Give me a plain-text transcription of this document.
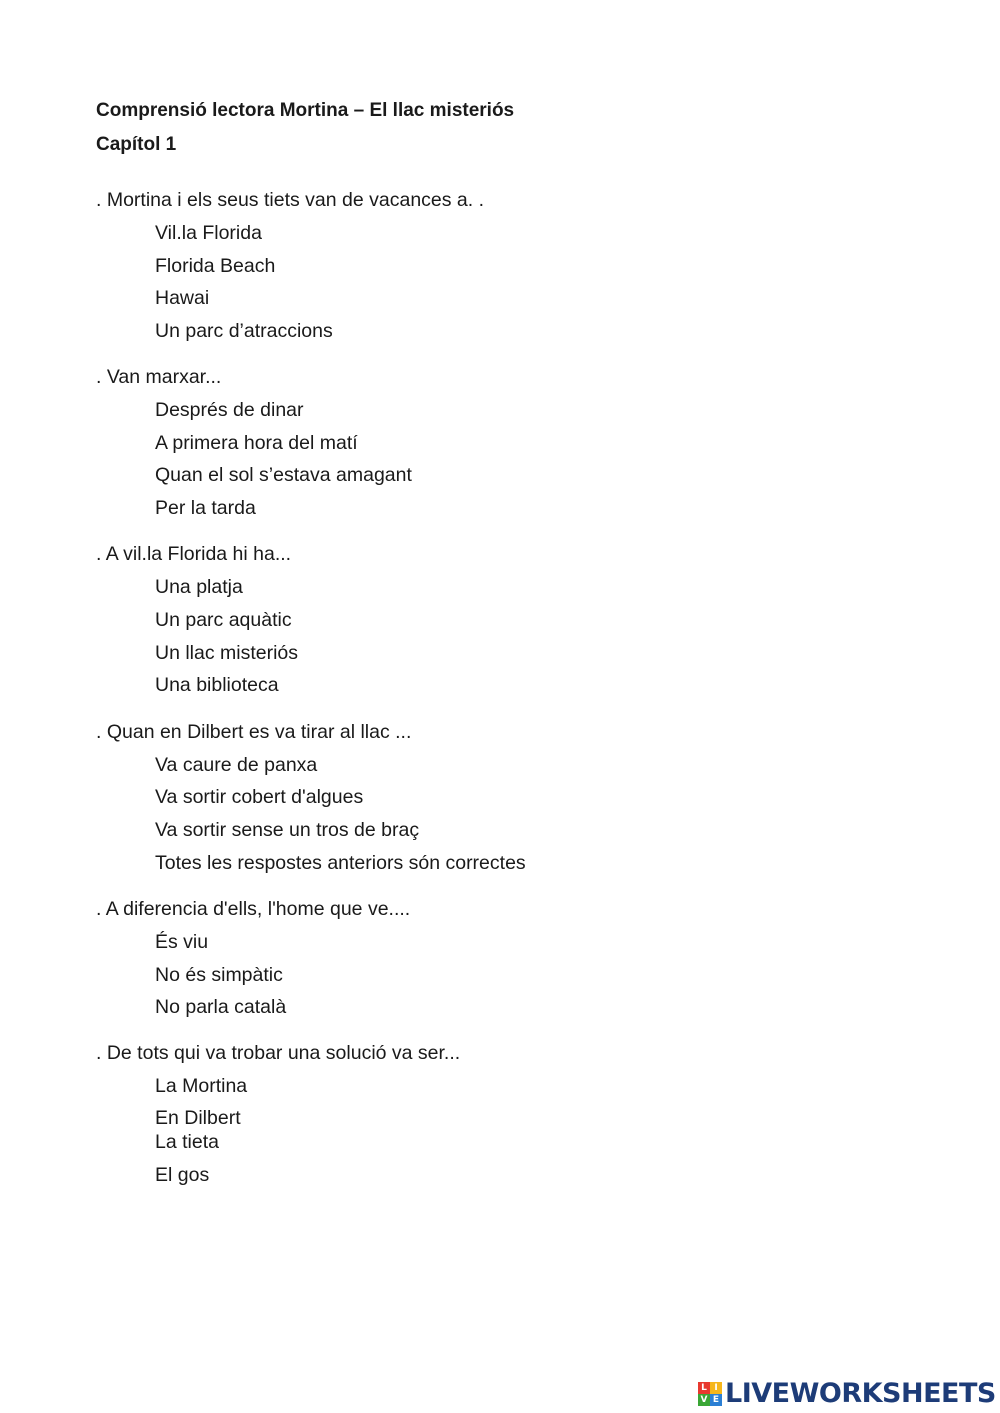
Comprensió lectora Mortina – El llac misteriós
Capítol 1
. Mortina i els seus tiets van de vacances a. .
Vil.la Florida
Florida Beach
Hawai
Un parc d’atraccions
. Van marxar...
Després de dinar
A primera hora del matí
Quan el sol s’estava amagant
Per la tarda
. A vil.la Florida hi ha...
Una platja
Un parc aquàtic
Un llac misteriós
Una biblioteca
. Quan en Dilbert es va tirar al llac ...
Va caure de panxa
Va sortir cobert d'algues
Va sortir sense un tros de braç
Totes les respostes anteriors són correctes
. A diferencia d'ells, l'home que ve....
És viu
No és simpàtic
No parla català
. De tots qui va trobar una solució va ser...
La Mortina
En Dilbert
La tieta
El gos
L I
V E LIVEWORKSHEETS
